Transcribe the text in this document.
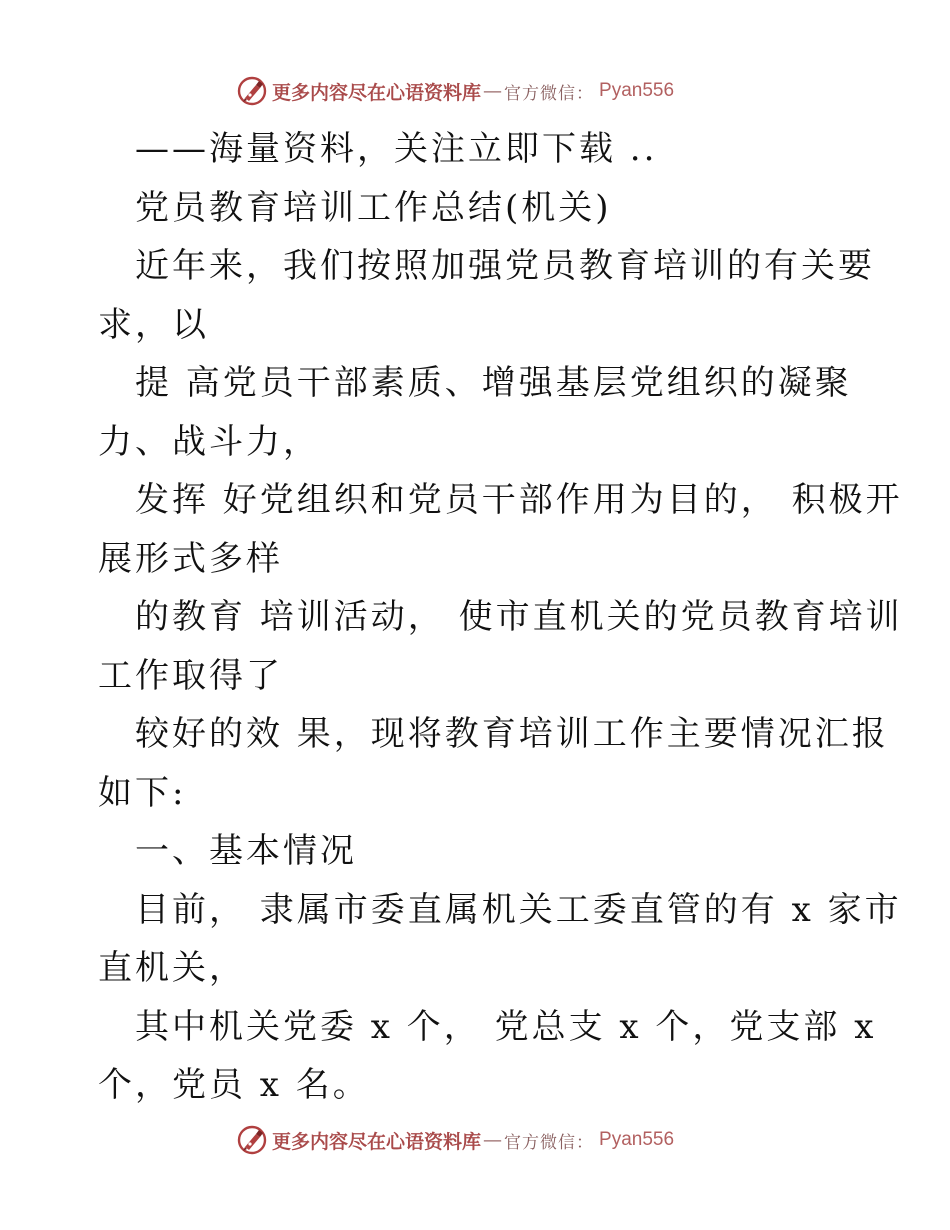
更多内容尽在心语资料库 — 官方微信 ： Pyan556
——海量资料，关注立即下载 ..
党员教育培训工作总结(机关)
近年来，我们按照加强党员教育培训的有关要
求，以
提 高党员干部素质、增强基层党组织的凝聚
力、战斗力，
发挥 好党组织和党员干部作用为目的， 积极开
展形式多样
的教育 培训活动， 使市直机关的党员教育培训
工作取得了
较好的效 果，现将教育培训工作主要情况汇报
如下:
一、基本情况
目前， 隶属市委直属机关工委直管的有 x 家市
直机关，
其中机关党委 x 个， 党总支 x 个，党支部 x
个，党员 x 名。
更多内容尽在心语资料库 — 官方微信 ： Pyan556
